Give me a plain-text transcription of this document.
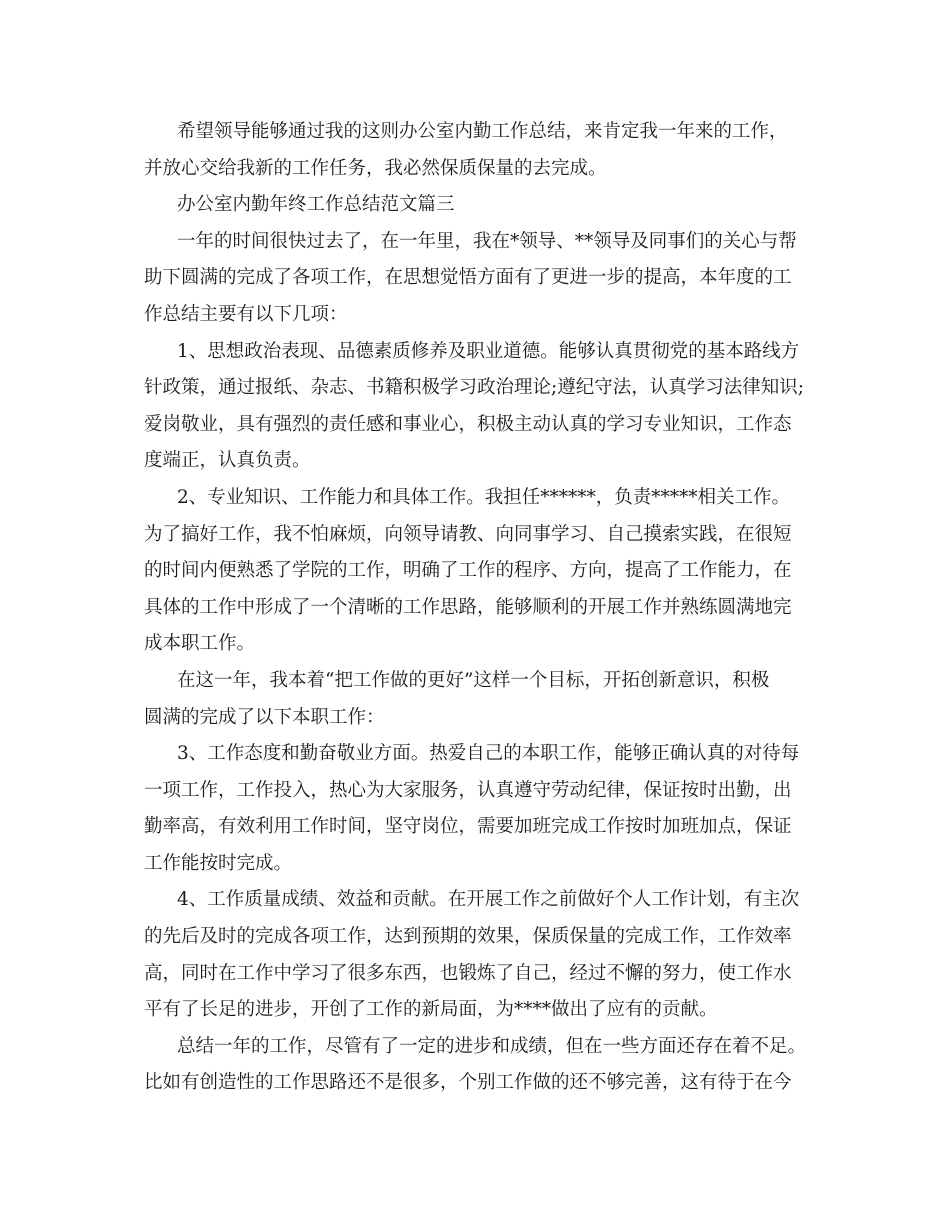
希望领导能够通过我的这则办公室内勤工作总结，来肯定我一年来的工作，
并放心交给我新的工作任务，我必然保质保量的去完成。
办公室内勤年终工作总结范文篇三
一年的时间很快过去了，在一年里，我在*领导、**领导及同事们的关心与帮
助下圆满的完成了各项工作，在思想觉悟方面有了更进一步的提高，本年度的工
作总结主要有以下几项：
1、思想政治表现、品德素质修养及职业道德。能够认真贯彻党的基本路线方
针政策，通过报纸、杂志、书籍积极学习政治理论;遵纪守法，认真学习法律知识;
爱岗敬业，具有强烈的责任感和事业心，积极主动认真的学习专业知识，工作态
度端正，认真负责。
2、专业知识、工作能力和具体工作。我担任******，负责*****相关工作。
为了搞好工作，我不怕麻烦，向领导请教、向同事学习、自己摸索实践，在很短
的时间内便熟悉了学院的工作，明确了工作的程序、方向，提高了工作能力，在
具体的工作中形成了一个清晰的工作思路，能够顺利的开展工作并熟练圆满地完
成本职工作。
在这一年，我本着“把工作做的更好”这样一个目标，开拓创新意识，积极
圆满的完成了以下本职工作：
3、工作态度和勤奋敬业方面。热爱自己的本职工作，能够正确认真的对待每
一项工作，工作投入，热心为大家服务，认真遵守劳动纪律，保证按时出勤，出
勤率高，有效利用工作时间，坚守岗位，需要加班完成工作按时加班加点，保证
工作能按时完成。
4、工作质量成绩、效益和贡献。在开展工作之前做好个人工作计划，有主次
的先后及时的完成各项工作，达到预期的效果，保质保量的完成工作，工作效率
高，同时在工作中学习了很多东西，也锻炼了自己，经过不懈的努力，使工作水
平有了长足的进步，开创了工作的新局面，为****做出了应有的贡献。
总结一年的工作，尽管有了一定的进步和成绩，但在一些方面还存在着不足。
比如有创造性的工作思路还不是很多，个别工作做的还不够完善，这有待于在今
